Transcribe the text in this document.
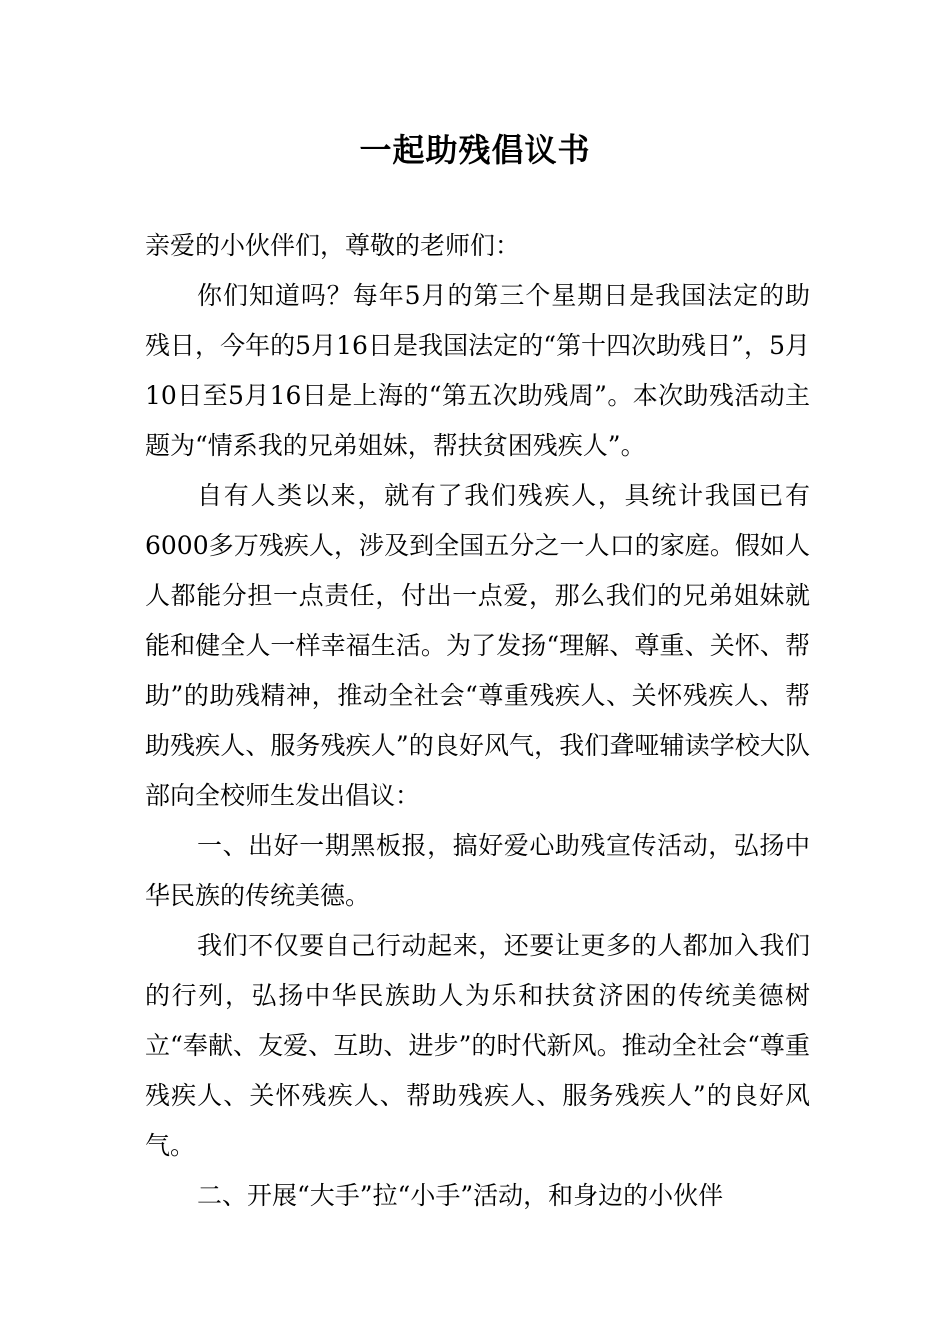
一起助残倡议书

亲爱的小伙伴们，尊敬的老师们：

你们知道吗？每年5月的第三个星期日是我国法定的助残日，今年的5月16日是我国法定的“第十四次助残日”，5月10日至5月16日是上海的“第五次助残周”。本次助残活动主题为“情系我的兄弟姐妹，帮扶贫困残疾人”。

自有人类以来，就有了我们残疾人，具统计我国已有6000多万残疾人，涉及到全国五分之一人口的家庭。假如人人都能分担一点责任，付出一点爱，那么我们的兄弟姐妹就能和健全人一样幸福生活。为了发扬“理解、尊重、关怀、帮助”的助残精神，推动全社会“尊重残疾人、关怀残疾人、帮助残疾人、服务残疾人”的良好风气，我们聋哑辅读学校大队部向全校师生发出倡议：

一、出好一期黑板报，搞好爱心助残宣传活动，弘扬中华民族的传统美德。

我们不仅要自己行动起来，还要让更多的人都加入我们的行列，弘扬中华民族助人为乐和扶贫济困的传统美德树立“奉献、友爱、互助、进步”的时代新风。推动全社会“尊重残疾人、关怀残疾人、帮助残疾人、服务残疾人”的良好风气。

二、开展“大手”拉“小手”活动，和身边的小伙伴
